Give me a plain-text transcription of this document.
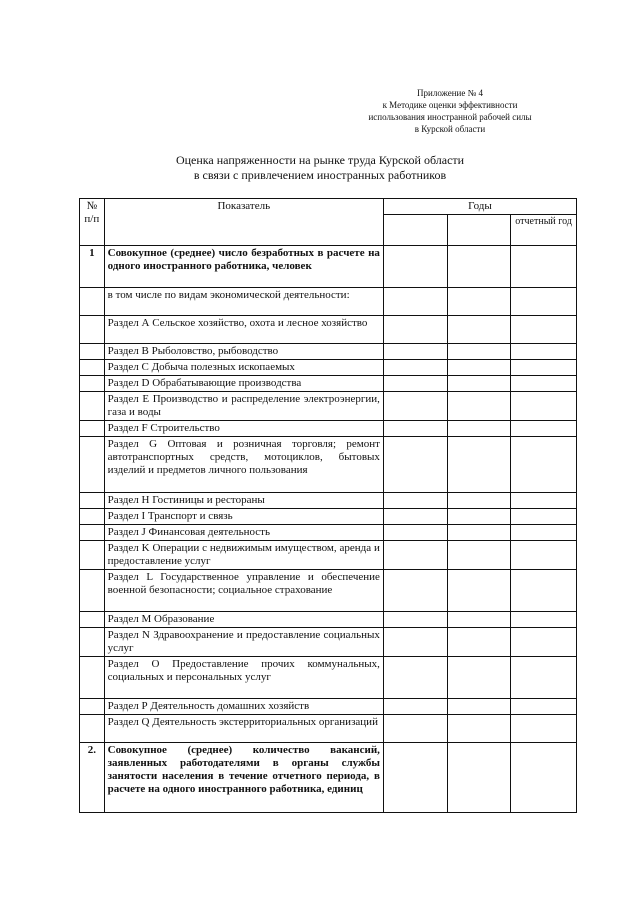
Приложение № 4
к Методике оценки эффективности
использования иностранной рабочей силы
в Курской области
Оценка напряженности на рынке труда Курской области
в связи с привлечением иностранных работников
№ п/п	Показатель	Годы		
				отчетный год
1	Совокупное (среднее) число безработных в расчете на одного иностранного работника, человек			
	в том числе по видам экономической деятельности:			
	Раздел А Сельское хозяйство, охота и лесное хозяйство			
	Раздел В Рыболовство, рыбоводство			
	Раздел С Добыча полезных ископаемых			
	Раздел D Обрабатывающие производства			
	Раздел Е Производство и распределение электроэнергии, газа и воды			
	Раздел F Строительство			
	Раздел G Оптовая и розничная торговля; ремонт автотранспортных средств, мотоциклов, бытовых изделий и предметов личного пользования			
	Раздел Н Гостиницы и рестораны			
	Раздел I Транспорт и связь			
	Раздел J Финансовая деятельность			
	Раздел K Операции с недвижимым имуществом, аренда и предоставление услуг			
	Раздел L Государственное управление и обеспечение военной безопасности; социальное страхование			
	Раздел М Образование			
	Раздел N Здравоохранение и предоставление социальных услуг			
	Раздел О Предоставление прочих коммунальных, социальных и персональных услуг			
	Раздел Р Деятельность домашних хозяйств			
	Раздел Q Деятельность экстерриториальных организаций			
2.	Совокупное (среднее) количество вакансий, заявленных работодателями в органы службы занятости населения в течение отчетного периода, в расчете на одного иностранного работника, единиц			
